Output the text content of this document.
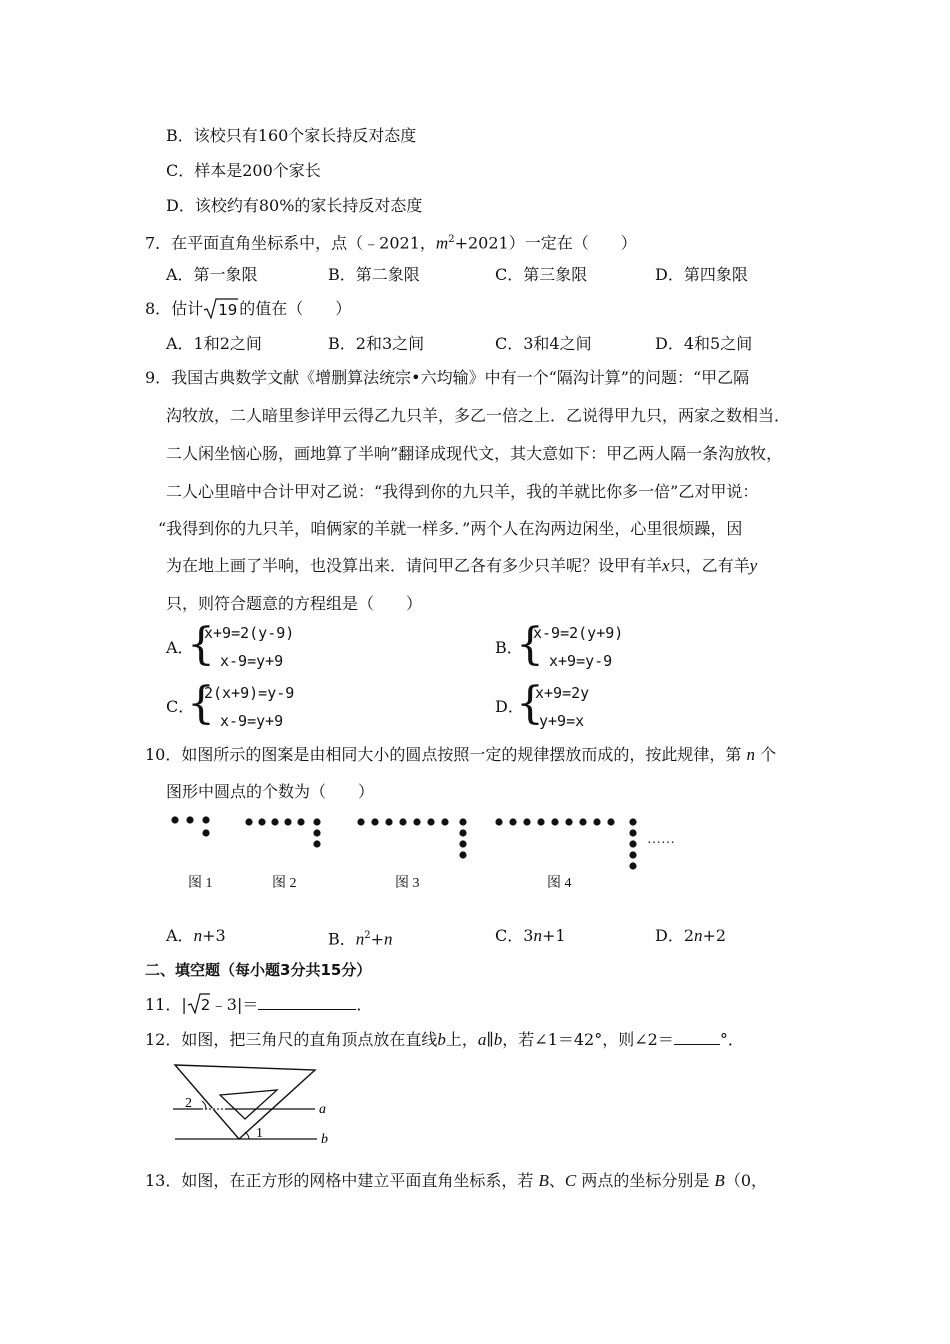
B．该校只有160个家长持反对态度
C．样本是200个家长
D．该校约有80%的家长持反对态度
7．在平面直角坐标系中，点（﹣2021，$m^2+2021$）一定在（　　）
A．第一象限	B．第二象限	C．第三象限	D．第四象限
8．估计 19 的值在（　　）
A．1和2之间	B．2和3之间	C．3和4之间	D．4和5之间
9．我国古典数学文献《增删算法统宗•六均输》中有一个“隔沟计算”的问题：“甲乙隔
沟牧放，二人暗里参详甲云得乙九只羊，多乙一倍之上．乙说得甲九只，两家之数相当．
二人闲坐恼心肠，画地算了半响”翻译成现代文，其大意如下：甲乙两人隔一条沟放牧，
二人心里暗中合计甲对乙说：“我得到你的九只羊，我的羊就比你多一倍”乙对甲说：
“我得到你的九只羊，咱俩家的羊就一样多．”两个人在沟两边闲坐，心里很烦躁，因
为在地上画了半响，也没算出来．请问甲乙各有多少只羊呢？设甲有羊x只，乙有羊y
只，则符合题意的方程组是（　　）
A．
{
x+9=2(y-9)
x-9=y+9
B．
{
x-9=2(y+9)
x+9=y-9
C．
{
2(x+9)=y-9
x-9=y+9
D．
{
x+9=2y
y+9=x
10．如图所示的图案是由相同大小的圆点按照一定的规律摆放而成的，按此规律，第 n 个
图形中圆点的个数为（　　）
……
图 1	图 2	图 3	图 4
A．n+3	B．$n^2+n$	C．3n+1	D．2n+2
二、填空题（每小题3分共15分）
11．| 2 ﹣3|＝	．
12．如图，把三角尺的直角顶点放在直线b上，a∥b，若∠1＝42°，则∠2＝	°．
2
1
a
b
13．如图，在正方形的网格中建立平面直角坐标系，若 B、C 两点的坐标分别是 B（0，
